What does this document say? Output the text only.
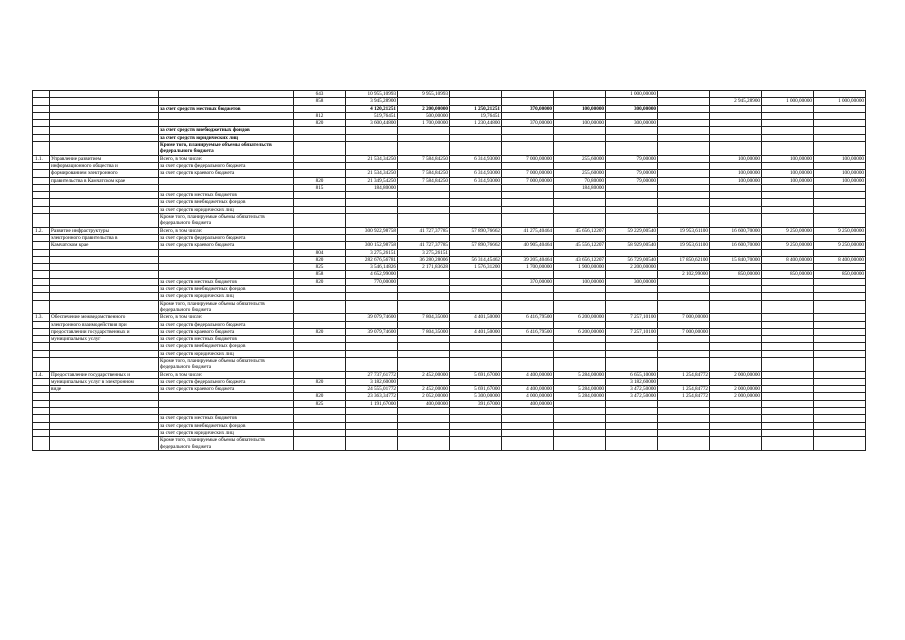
			643	10 955,10993	9 955,10993				1 000,00000				
			858	3 945,28900							2 945,28900	1 000,00000	1 000,00000
		за счет средств местных бюджетов		4 120,21251	2 200,00000	1 250,21251	370,00000	100,00000	300,00000				
			812	519,76451	500,00000	19,76451							
			820	3 600,44800	1 700,00000	1 230,44800	370,00000	100,00000	300,00000				
		за счет средств внебюджетных фондов											
		за счет средств юридических лиц											
		Кроме того, планируемые объемы обязательств федерального бюджета											
1.1.	Управление развитием	Всего, в том числе:		21 534,34250	7 584,84250	6 314,93000	7 000,00000	255,60000	79,00000		100,00000	100,00000	100,00000
	информационного общества и	за счет средств федерального бюджета											
	формированием электронного	за счет средств краевого бюджета		21 534,34250	7 584,84250	6 314,93000	7 000,00000	255,60000	79,00000		100,00000	100,00000	100,00000
	правительства в Камчатском крае		820	21 349,54250	7 584,84250	6 314,93000	7 000,00000	70,80000	79,00000		100,00000	100,00000	100,00000
			815	184,80000				184,80000					
		за счет средств местных бюджетов											
		за счет средств внебюджетных фондов											
		за счет средств юридических лиц											
		Кроме того, планируемые объемы обязательств федерального бюджета											
1.2.	Развитие инфраструктуры	Всего, в том числе:		300 922,98758	41 727,37785	57 890,76662	41 275,40464	45 656,12207	59 229,00540	19 953,61100	16 600,70000	9 250,00000	9 250,00000
	электронного правительства в	за счет средств федерального бюджета											
	Камчатском крае	за счет средств краевого бюджета		300 152,98758	41 727,37785	57 890,76662	40 905,40464	45 556,12207	58 929,00540	19 953,61100	16 600,70000	9 250,00000	9 250,00000
			804	3 275,26151	3 275,26151								
			820	282 676,56781	36 280,28006	56 314,45462	39 205,40464	43 656,12207	56 729,00540	17 850,62100	15 840,70000	8 400,00000	8 400,00000
			825	3 546,14826	2 171,83628	1 576,31200	1 700,00000	1 900,00000	2 200,00000				
			858	4 652,99000						2 102,99000	850,00000	850,00000	850,00000
		за счет средств местных бюджетов	820	770,00000			370,00000	100,00000	300,00000				
		за счет средств внебюджетных фондов											
		за счет средств юридических лиц											
		Кроме того, планируемые объемы обязательств федерального бюджета											
1.3.	Обеспечение межведомственного	Всего, в том числе:		39 079,74600	7 804,35000	4 401,50000	6 416,79500	6 200,00000	7 257,10100	7 000,00000			
	электронного взаимодействия при	за счет средств федерального бюджета											
	предоставлении государственных и	за счет средств краевого бюджета	820	39 079,74600	7 804,35000	4 401,50000	6 416,79500	6 200,00000	7 257,10100	7 000,00000			
	муниципальных услуг	за счет средств местных бюджетов											
		за счет средств внебюджетных фондов											
		за счет средств юридических лиц											
		Кроме того, планируемые объемы обязательств федерального бюджета											
1.4.	Предоставление государственных и	Всего, в том числе:		27 737,61772	2 452,00000	5 691,67000	4 400,00000	5 284,00000	6 655,10000	1 254,84772	2 000,00000		
	муниципальных услуг в электронном	за счет средств федерального бюджета	820	3 182,60000					3 182,60000				
	виде	за счет средств краевого бюджета		24 555,01772	2 452,00000	5 691,67000	4 400,00000	5 284,00000	3 472,50000	1 254,84772	2 000,00000		
			820	23 363,34772	2 052,00000	5 300,00000	4 000,00000	5 284,00000	3 472,50000	1 254,84772	2 000,00000		
			825	1 191,67000	400,00000	391,67000	400,00000						

		за счет средств местных бюджетов											
		за счет средств внебюджетных фондов											
		за счет средств юридических лиц											
		Кроме того, планируемые объемы обязательств федерального бюджета											
